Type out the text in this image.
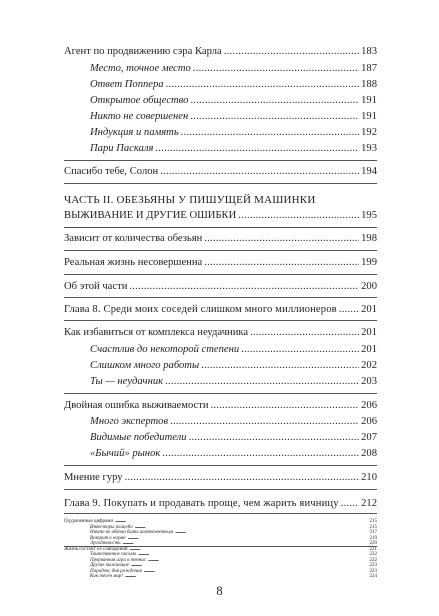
Агент по продвижению сэра Карла . . .	183
Место, точное место . . .	187
Ответ Поппера . . .	188
Открытое общество . . .	191
Никто не совершенен . . .	191
Индукция и память . . .	192
Пари Паскаля . . .	193
Спасибо тебе, Солон . . .	194
ЧАСТЬ II. ОБЕЗЬЯНЫ У ПИШУЩЕЙ МАШИНКИ
ВЫЖИВАНИЕ И ДРУГИЕ ОШИБКИ . . .	195
Зависит от количества обезьян . . .	198
Реальная жизнь несовершенна . . .	199
Об этой части . . .	200
Глава 8. Среди моих соседей слишком много миллионеров . . . 201
Как избавиться от комплекса неудачника . . .	201
Счастлив до некоторой степени . . .	201
Слишком много работы . . .	202
Ты — неудачник . . .	203
Двойная ошибка выживаемости . . .	206
Много экспертов . . .	206
Видимые победители . . .	207
«Бычий» рынок . . .	208
Мнение гуру . . .	210
Глава 9. Покупать и продавать проще, чем жарить яичницу . . . 212
Одураченные цифрами . . .	215
Инвесторы плацебо . . .	215
Никто не обязан быть компетентным . . .	217
Возврат к норме . . .	219
Эргодичность . . .	220
Жизнь состоит из совпадений . . .	221
Таинственное письмо . . .	222
Прерванная игра в теннис . . .	222
Другие выжившие . . .	223
Парадокс дня рождения . . .	223
Как тесен мир! . . .	224
8
